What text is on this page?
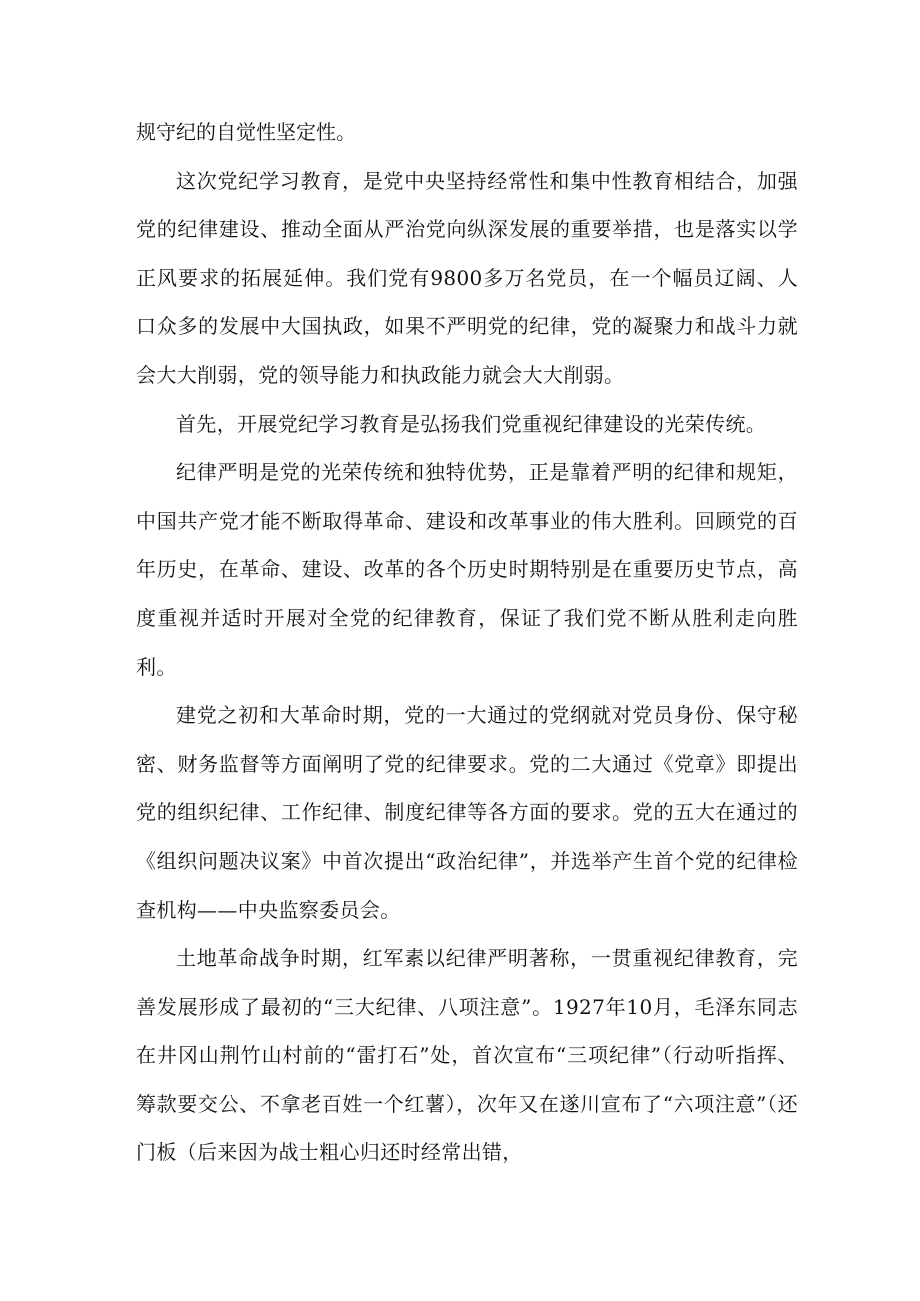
规守纪的自觉性坚定性。

这次党纪学习教育，是党中央坚持经常性和集中性教育相结合，加强党的纪律建设、推动全面从严治党向纵深发展的重要举措，也是落实以学正风要求的拓展延伸。我们党有9800多万名党员，在一个幅员辽阔、人口众多的发展中大国执政，如果不严明党的纪律，党的凝聚力和战斗力就会大大削弱，党的领导能力和执政能力就会大大削弱。

首先，开展党纪学习教育是弘扬我们党重视纪律建设的光荣传统。

纪律严明是党的光荣传统和独特优势，正是靠着严明的纪律和规矩，中国共产党才能不断取得革命、建设和改革事业的伟大胜利。回顾党的百年历史，在革命、建设、改革的各个历史时期特别是在重要历史节点，高度重视并适时开展对全党的纪律教育，保证了我们党不断从胜利走向胜利。

建党之初和大革命时期，党的一大通过的党纲就对党员身份、保守秘密、财务监督等方面阐明了党的纪律要求。党的二大通过《党章》即提出党的组织纪律、工作纪律、制度纪律等各方面的要求。党的五大在通过的《组织问题决议案》中首次提出“政治纪律”，并选举产生首个党的纪律检查机构——中央监察委员会。

土地革命战争时期，红军素以纪律严明著称，一贯重视纪律教育，完善发展形成了最初的“三大纪律、八项注意”。1927年10月，毛泽东同志在井冈山荆竹山村前的“雷打石”处，首次宣布“三项纪律”（行动听指挥、筹款要交公、不拿老百姓一个红薯），次年又在遂川宣布了“六项注意”（还门板（后来因为战士粗心归还时经常出错，
